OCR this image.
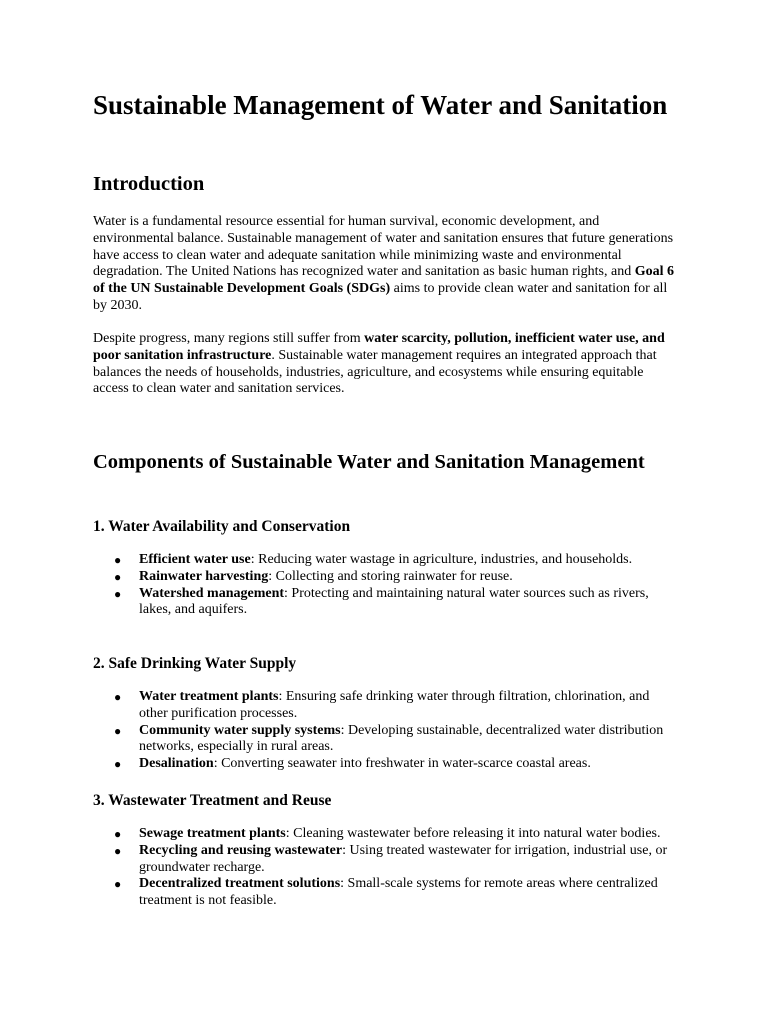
Sustainable Management of Water and Sanitation
Introduction

Water is a fundamental resource essential for human survival, economic development, and environmental balance. Sustainable management of water and sanitation ensures that future generations have access to clean water and adequate sanitation while minimizing waste and environmental degradation. The United Nations has recognized water and sanitation as basic human rights, and Goal 6 of the UN Sustainable Development Goals (SDGs) aims to provide clean water and sanitation for all by 2030.

Despite progress, many regions still suffer from water scarcity, pollution, inefficient water use, and poor sanitation infrastructure. Sustainable water management requires an integrated approach that balances the needs of households, industries, agriculture, and ecosystems while ensuring equitable access to clean water and sanitation services.

Components of Sustainable Water and Sanitation Management
1. Water Availability and Conservation
● Efficient water use: Reducing water wastage in agriculture, industries, and households.
● Rainwater harvesting: Collecting and storing rainwater for reuse.
● Watershed management: Protecting and maintaining natural water sources such as rivers, lakes, and aquifers.
2. Safe Drinking Water Supply
● Water treatment plants: Ensuring safe drinking water through filtration, chlorination, and other purification processes.
● Community water supply systems: Developing sustainable, decentralized water distribution networks, especially in rural areas.
● Desalination: Converting seawater into freshwater in water-scarce coastal areas.
3. Wastewater Treatment and Reuse
● Sewage treatment plants: Cleaning wastewater before releasing it into natural water bodies.
● Recycling and reusing wastewater: Using treated wastewater for irrigation, industrial use, or groundwater recharge.
● Decentralized treatment solutions: Small-scale systems for remote areas where centralized treatment is not feasible.
